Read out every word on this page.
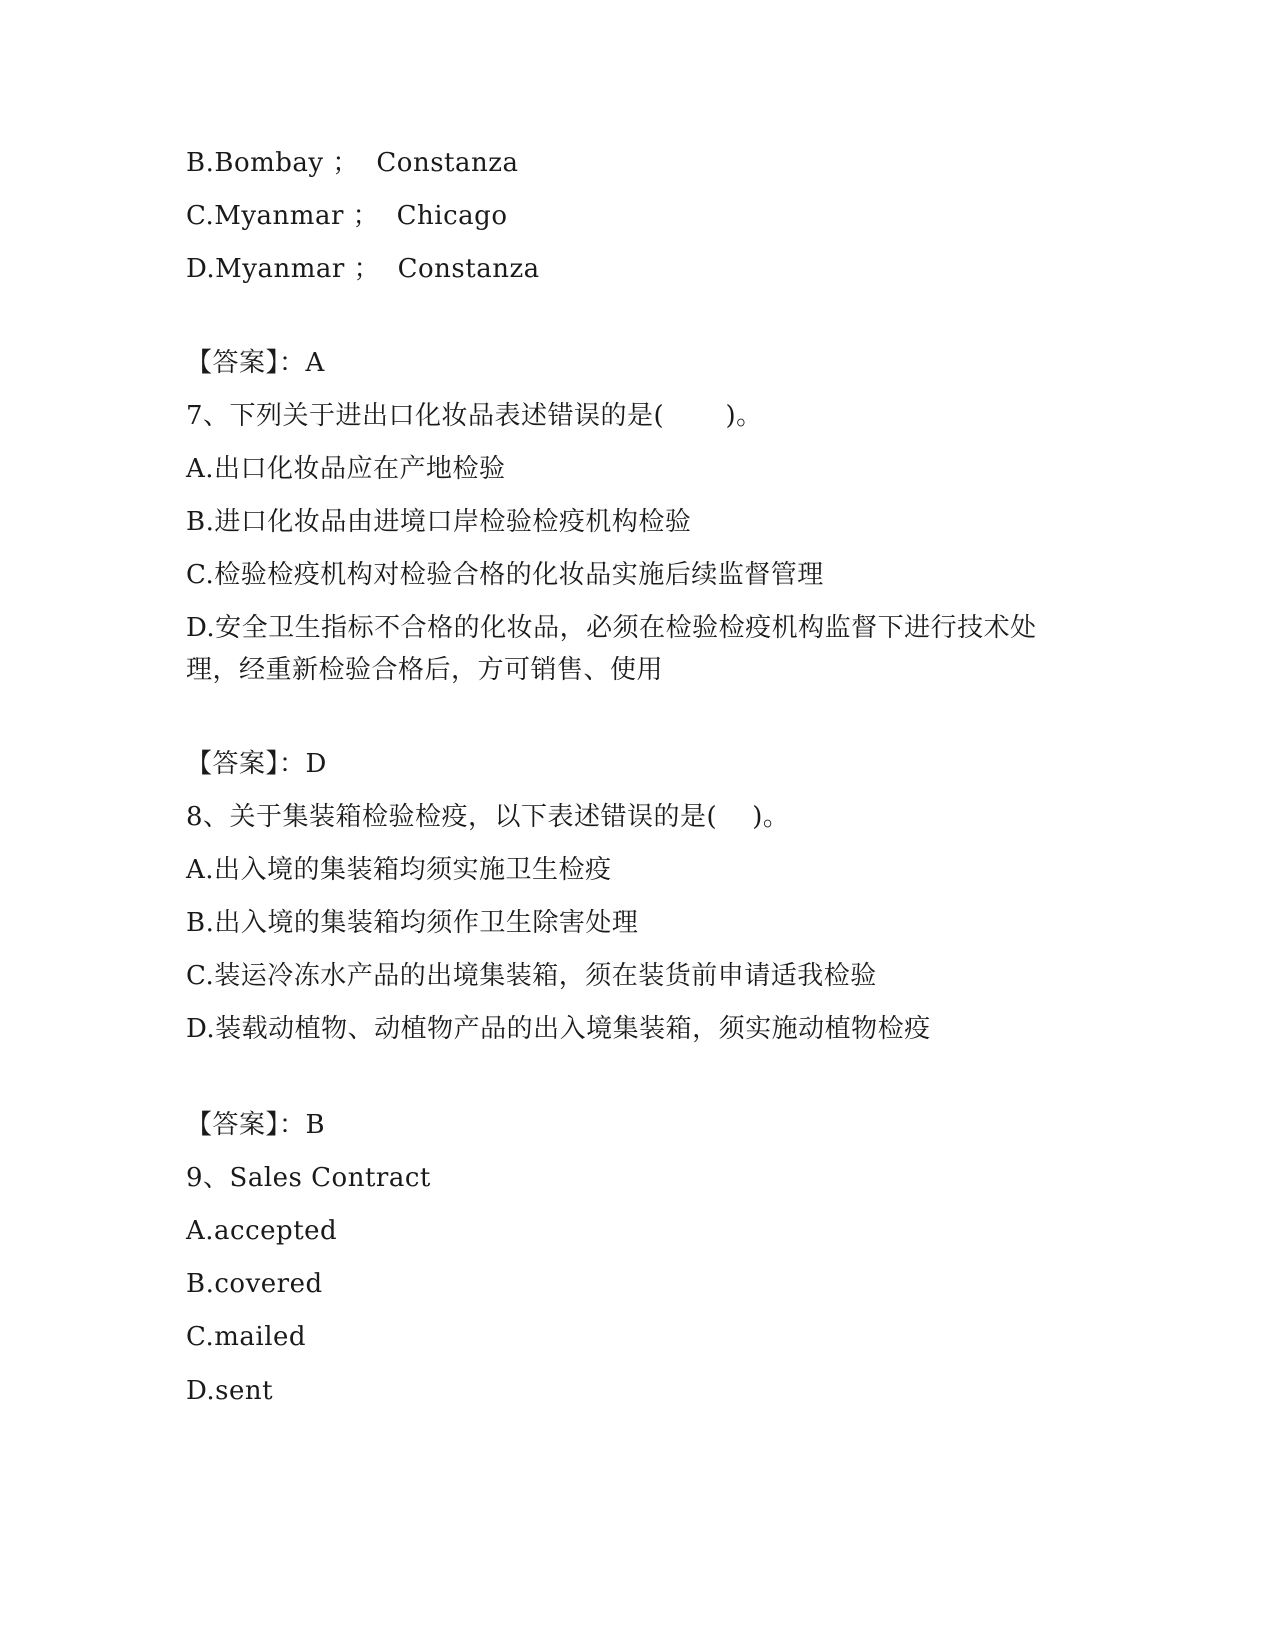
B.Bombay ；  Constanza
C.Myanmar ；  Chicago
D.Myanmar ；  Constanza
【答案】：A
7、下列关于进出口化妆品表述错误的是(       )。
A.出口化妆品应在产地检验
B.进口化妆品由进境口岸检验检疫机构检验
C.检验检疫机构对检验合格的化妆品实施后续监督管理
D.安全卫生指标不合格的化妆品，必须在检验检疫机构监督下进行技术处理，经重新检验合格后，方可销售、使用
【答案】：D
8、关于集装箱检验检疫，以下表述错误的是(    )。
A.出入境的集装箱均须实施卫生检疫
B.出入境的集装箱均须作卫生除害处理
C.装运冷冻水产品的出境集装箱，须在装货前申请适我检验
D.装载动植物、动植物产品的出入境集装箱，须实施动植物检疫
【答案】：B
9、Sales Contract
A.accepted
B.covered
C.mailed
D.sent
